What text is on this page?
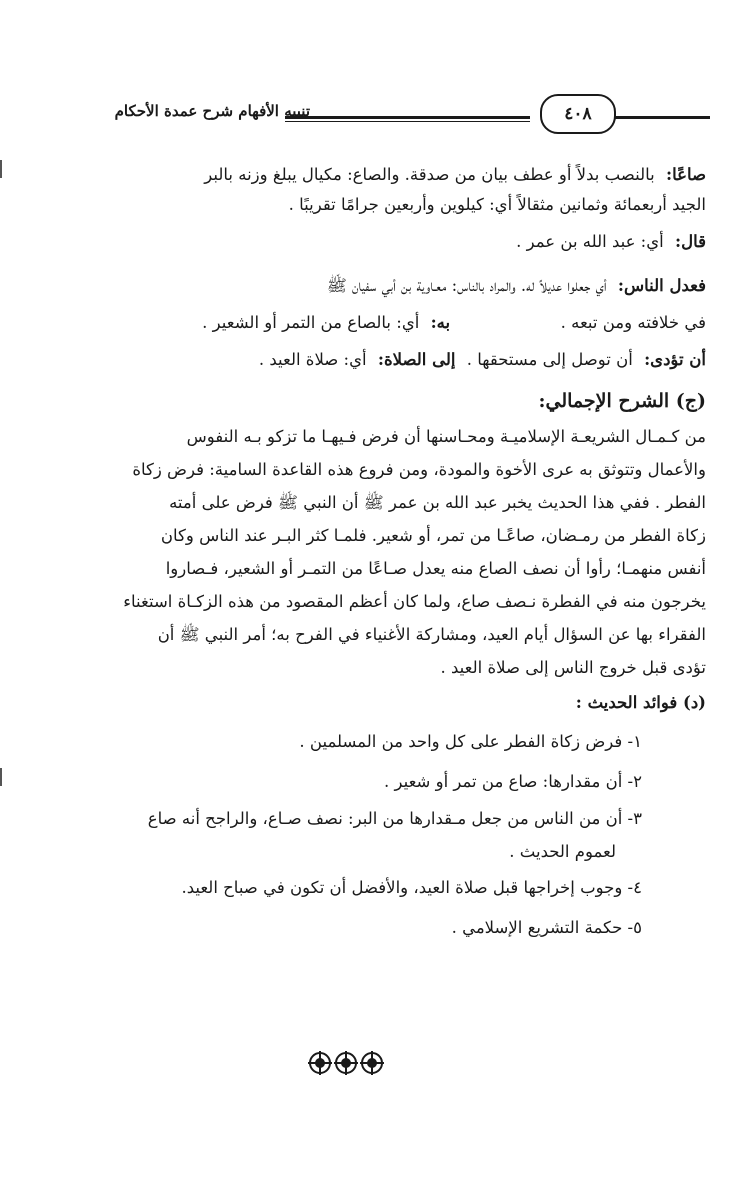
تنبيه الأفهام شرح عمدة الأحكام	٤٠٨

صاعًا: بالنصب بدلاً أو عطف بيان من صدقة. والصاع: مكيال يبلغ وزنه بالبر

الجيد أربعمائة وثمانين مثقالاً أي: كيلوين وأربعين جرامًا تقريبًا .

قال: أي: عبد الله بن عمر .

فعدل الناس: أي جعلوا عديلاً له. والمراد بالناس: معـاوية بن أبي سفيان ﷺ

في خلافته ومن تبعه .  به: أي: بالصاع من التمر أو الشعير .

أن تؤدى: أن توصل إلى مستحقها . إلى الصلاة: أي: صلاة العيد .

(ج) الشرح الإجمالي:

من كـمـال الشريعـة الإسلاميـة ومحـاسنها أن فرض فـيهـا ما تزكو بـه النفوس

والأعمال وتتوثق به عرى الأخوة والمودة، ومن فروع هذه القاعدة السامية: فرض زكاة

الفطر . ففي هذا الحديث يخبر عبد الله بن عمر ﷺ أن النبي ﷺ فرض على أمته

زكاة الفطر من رمـضان، صاعًـا من تمر، أو شعير. فلمـا كثر البـر عند الناس وكان

أنفس منهمـا؛ رأوا أن نصف الصاع منه يعدل صـاعًا من التمـر أو الشعير، فـصاروا

يخرجون منه في الفطرة نـصف صاع، ولما كان أعظم المقصود من هذه الزكـاة استغناء

الفقراء بها عن السؤال أيام العيد، ومشاركة الأغنياء في الفرح به؛ أمر النبي ﷺ أن

تؤدى قبل خروج الناس إلى صلاة العيد .

(د) فوائد الحديث :

١- فرض زكاة الفطر على كل واحد من المسلمين .

٢- أن مقدارها: صاع من تمر أو شعير .

٣- أن من الناس من جعل مـقدارها من البر: نصف صـاع، والراجح أنه صاع

لعموم الحديث .

٤- وجوب إخراجها قبل صلاة العيد، والأفضل أن تكون في صباح العيد.

٥- حكمة التشريع الإسلامي .
